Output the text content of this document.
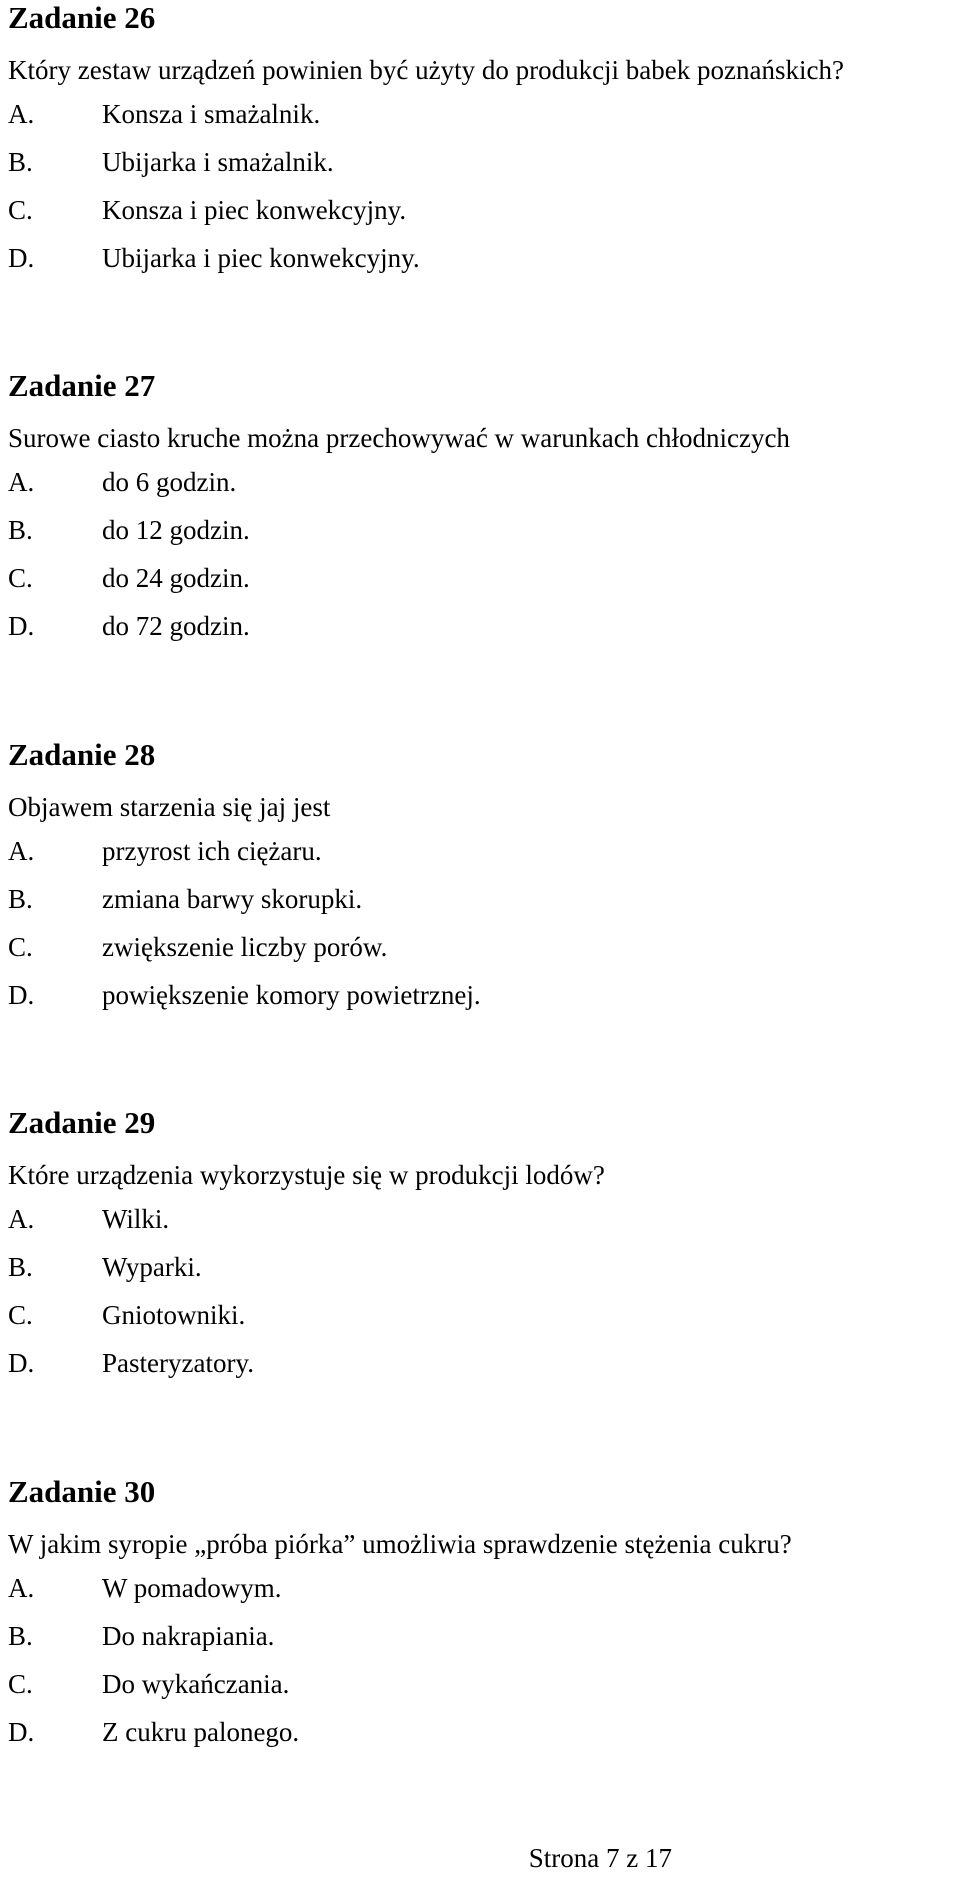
Zadanie 26
Który zestaw urządzeń powinien być użyty do produkcji babek poznańskich?
A.	Konsza i smażalnik.
B.	Ubijarka i smażalnik.
C.	Konsza i piec konwekcyjny.
D.	Ubijarka i piec konwekcyjny.
Zadanie 27
Surowe ciasto kruche można przechowywać w warunkach chłodniczych
A.	do 6 godzin.
B.	do 12 godzin.
C.	do 24 godzin.
D.	do 72 godzin.
Zadanie 28
Objawem starzenia się jaj jest
A.	przyrost ich ciężaru.
B.	zmiana barwy skorupki.
C.	zwiększenie liczby porów.
D.	powiększenie komory powietrznej.
Zadanie 29
Które urządzenia wykorzystuje się w produkcji lodów?
A.	Wilki.
B.	Wyparki.
C.	Gniotowniki.
D.	Pasteryzatory.
Zadanie 30
W jakim syropie „próba piórka” umożliwia sprawdzenie stężenia cukru?
A.	W pomadowym.
B.	Do nakrapiania.
C.	Do wykańczania.
D.	Z cukru palonego.
Strona 7 z 17
